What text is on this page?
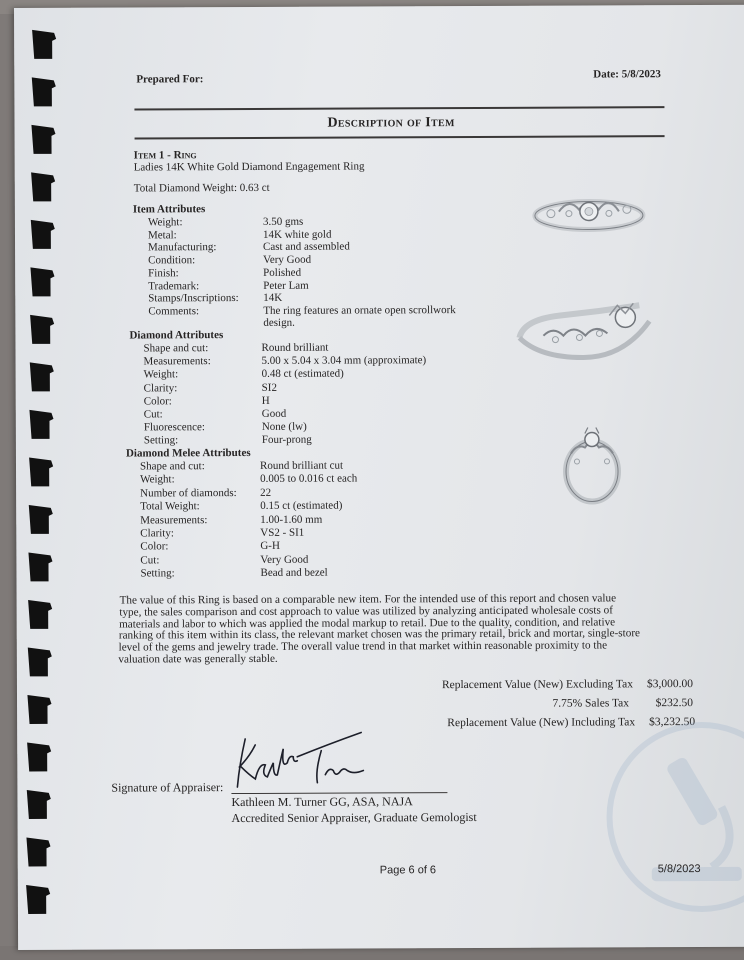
Prepared For:	Date: 5/8/2023
Description of Item
Item 1 - Ring
Ladies 14K White Gold Diamond Engagement Ring
Total Diamond Weight: 0.63 ct
Item Attributes
Weight:	3.50 gms
Metal:	14K white gold
Manufacturing:	Cast and assembled
Condition:	Very Good
Finish:	Polished
Trademark:	Peter Lam
Stamps/Inscriptions: 14K
Comments:	The ring features an ornate open scrollwork
design.
Diamond Attributes
Shape and cut:	Round brilliant
Measurements:	5.00 x 5.04 x 3.04 mm (approximate)
Weight:	0.48 ct (estimated)
Clarity:	SI2
Color:	H
Cut:	Good
Fluorescence:	None (lw)
Setting:	Four-prong
Diamond Melee Attributes
Shape and cut:	Round brilliant cut
Weight:	0.005 to 0.016 ct each
Number of diamonds: 22
Total Weight:	0.15 ct (estimated)
Measurements:	1.00-1.60 mm
Clarity:	VS2 - SI1
Color:	G-H
Cut:	Very Good
Setting:	Bead and bezel
The value of this Ring is based on a comparable new item. For the intended use of this report and chosen value
type, the sales comparison and cost approach to value was utilized by analyzing anticipated wholesale costs of
materials and labor to which was applied the modal markup to retail. Due to the quality, condition, and relative
ranking of this item within its class, the relevant market chosen was the primary retail, brick and mortar, single-store
level of the gems and jewelry trade. The overall value trend in that market within reasonable proximity to the
valuation date was generally stable.
Replacement Value (New) Excluding Tax $3,000.00
7.75% Sales Tax $232.50
Replacement Value (New) Including Tax $3,232.50
Signature of Appraiser:
Kathleen M. Turner GG, ASA, NAJA
Accredited Senior Appraiser, Graduate Gemologist
Page 6 of 6	5/8/2023
